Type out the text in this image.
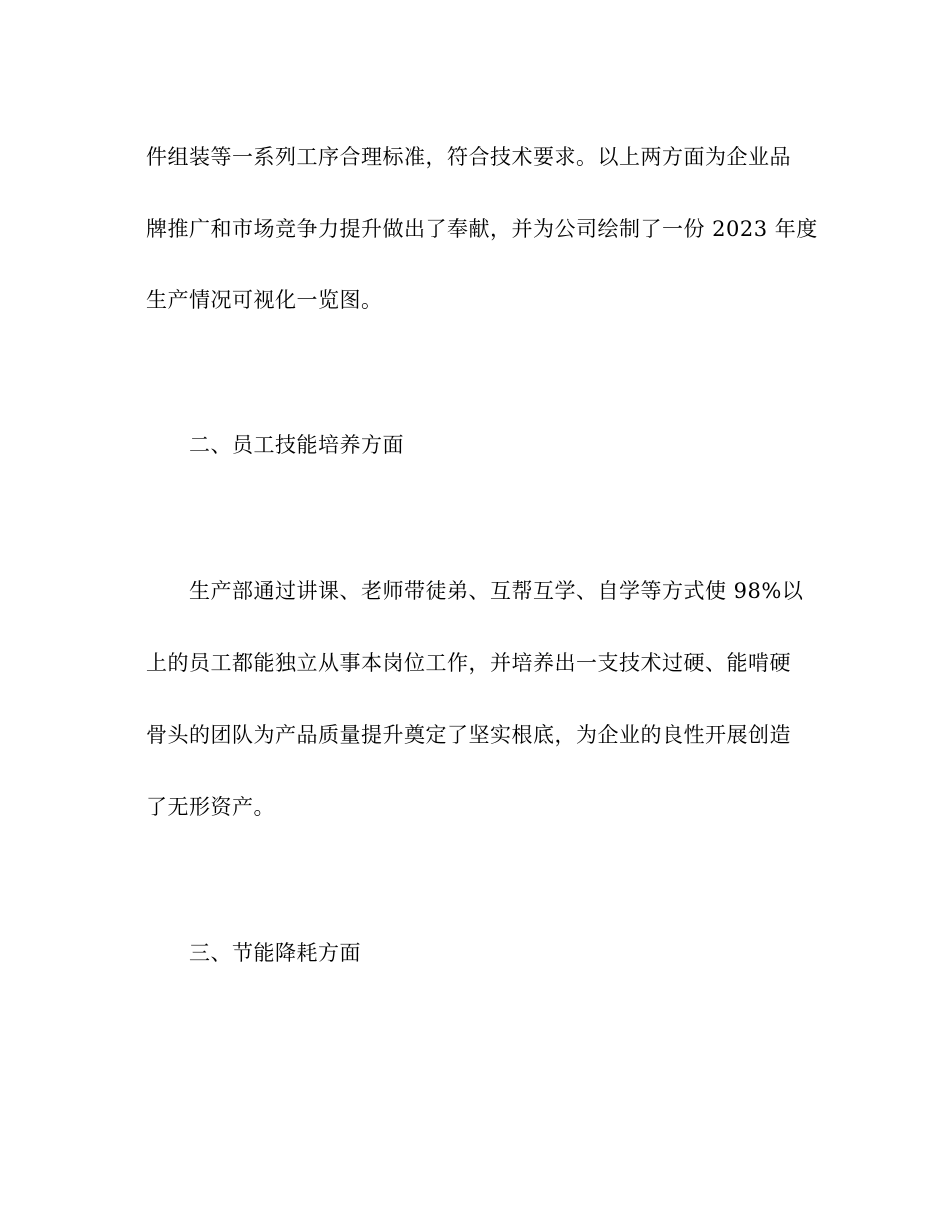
件组装等一系列工序合理标准，符合技术要求。以上两方面为企业品
牌推广和市场竞争力提升做出了奉献，并为公司绘制了一份 2023 年度
生产情况可视化一览图。
二、员工技能培养方面
生产部通过讲课、老师带徒弟、互帮互学、自学等方式使 98%以
上的员工都能独立从事本岗位工作，并培养出一支技术过硬、能啃硬
骨头的团队为产品质量提升奠定了坚实根底，为企业的良性开展创造
了无形资产。
三、节能降耗方面
